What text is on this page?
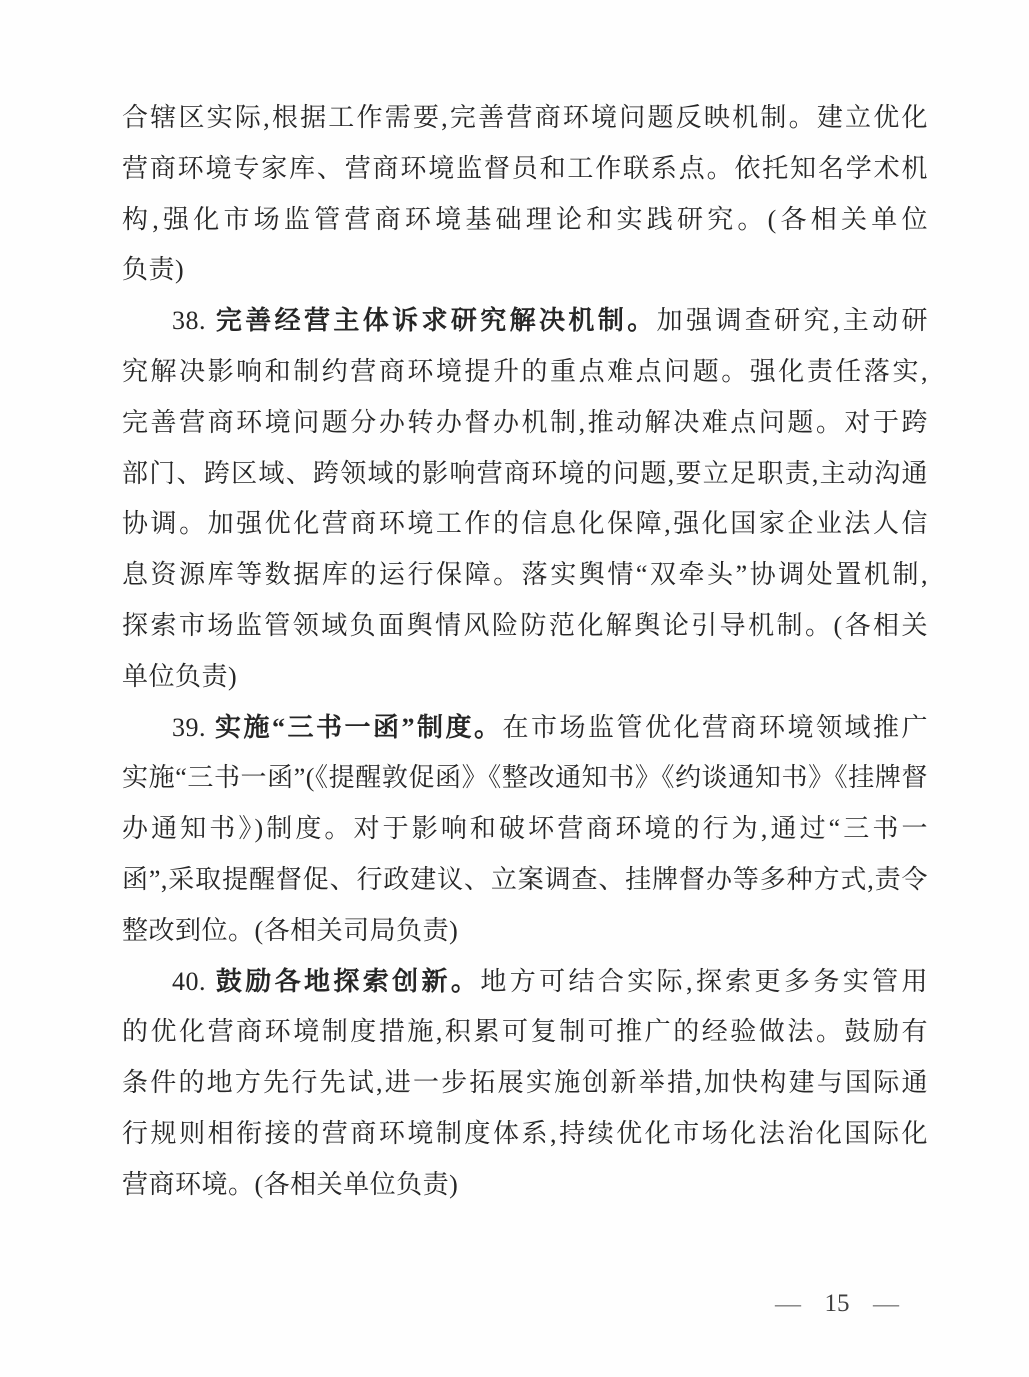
合辖区实际,根据工作需要,完善营商环境问题反映机制。建立优化
营商环境专家库、营商环境监督员和工作联系点。依托知名学术机
构,强化市场监管营商环境基础理论和实践研究。(各相关单位
负责)
38. 完善经营主体诉求研究解决机制。加强调查研究,主动研
究解决影响和制约营商环境提升的重点难点问题。强化责任落实,
完善营商环境问题分办转办督办机制,推动解决难点问题。对于跨
部门、跨区域、跨领域的影响营商环境的问题,要立足职责,主动沟通
协调。加强优化营商环境工作的信息化保障,强化国家企业法人信
息资源库等数据库的运行保障。落实舆情“双牵头”协调处置机制,
探索市场监管领域负面舆情风险防范化解舆论引导机制。(各相关
单位负责)
39. 实施“三书一函”制度。在市场监管优化营商环境领域推广
实施“三书一函”(《提醒敦促函》《整改通知书》《约谈通知书》《挂牌督
办通知书》)制度。对于影响和破坏营商环境的行为,通过“三书一
函”,采取提醒督促、行政建议、立案调查、挂牌督办等多种方式,责令
整改到位。(各相关司局负责)
40. 鼓励各地探索创新。地方可结合实际,探索更多务实管用
的优化营商环境制度措施,积累可复制可推广的经验做法。鼓励有
条件的地方先行先试,进一步拓展实施创新举措,加快构建与国际通
行规则相衔接的营商环境制度体系,持续优化市场化法治化国际化
营商环境。(各相关单位负责)
— 15 —
